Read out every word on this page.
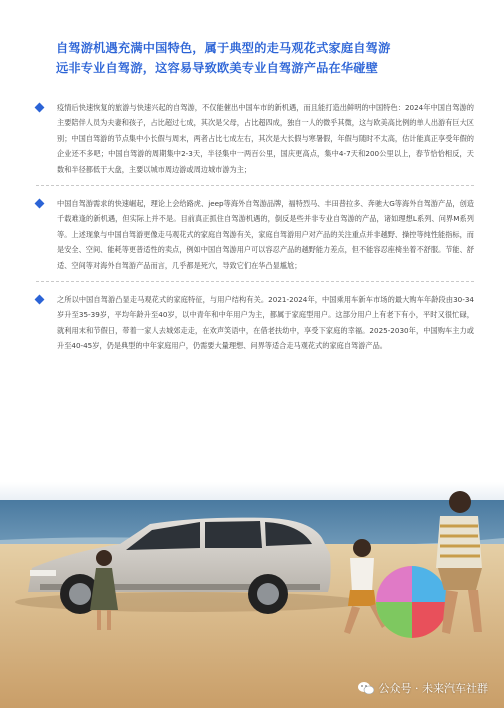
自驾游机遇充满中国特色，属于典型的走马观花式家庭自驾游
远非专业自驾游，这容易导致欧美专业自驾游产品在华碰壁
疫情后快速恢复的旅游与快速兴起的自驾游，不仅能催出中国车市的新机遇，而且能打造出鲜明的中国特色：2024年中国自驾游的主要陪伴人员为夫妻和孩子，占比超过七成，其次是父母，占比超四成，独自一人的微乎其微，这与欧美高比例的单人出游有巨大区别；中国自驾游的节点集中小长假与周末，两者占比七成左右，其次是大长假与寒暑假，年假与随时不太高，估计能真正享受年假的企业还不多吧；中国自驾游的周期集中2-3天，半径集中一两百公里，国庆更高点，集中4-7天和200公里以上，春节恰恰相反，天数和半径都低于大盘，主要以城市周边游或周边城市游为主；
中国自驾游需求的快速崛起，理论上会给路虎、jeep等海外自驾游品牌，福特烈马、丰田普拉多、奔驰大G等海外自驾游产品，创造千载难逢的新机遇，但实际上并不是。目前真正抓住自驾游机遇的，倒反是些并非专业自驾游的产品，诸如理想L系列、问界M系列等。上述现象与中国自驾游更像走马观花式的家庭自驾游有关，家庭自驾游用户对产品的关注重点并非越野、操控等纯性能指标，而是安全、空间、能耗等更普适性的卖点，例如中国自驾游用户可以容忍产品的越野能力差点，但不能容忍座椅坐着不舒服。节能、舒适、空间等对海外自驾游产品而言，几乎都是死穴，导致它们在华凸显尴尬；
之所以中国自驾游凸显走马观花式的家庭特征，与用户结构有关。2021-2024年，中国乘用车新车市场的最大购车年龄段由30-34岁升至35-39岁，平均年龄升至40岁，以中青年和中年用户为主，都属于家庭型用户。这部分用户上有老下有小，平时又很忙碌，就利用末和节假日，带着一家人去城郊走走，在欢声笑语中，在借老扶幼中，享受下家庭的幸福。2025-2030年，中国购车主力或升至40-45岁，仍是典型的中年家庭用户，仍需要大量理想、问界等适合走马观花式的家庭自驾游产品。
公众号 · 未来汽车社群
